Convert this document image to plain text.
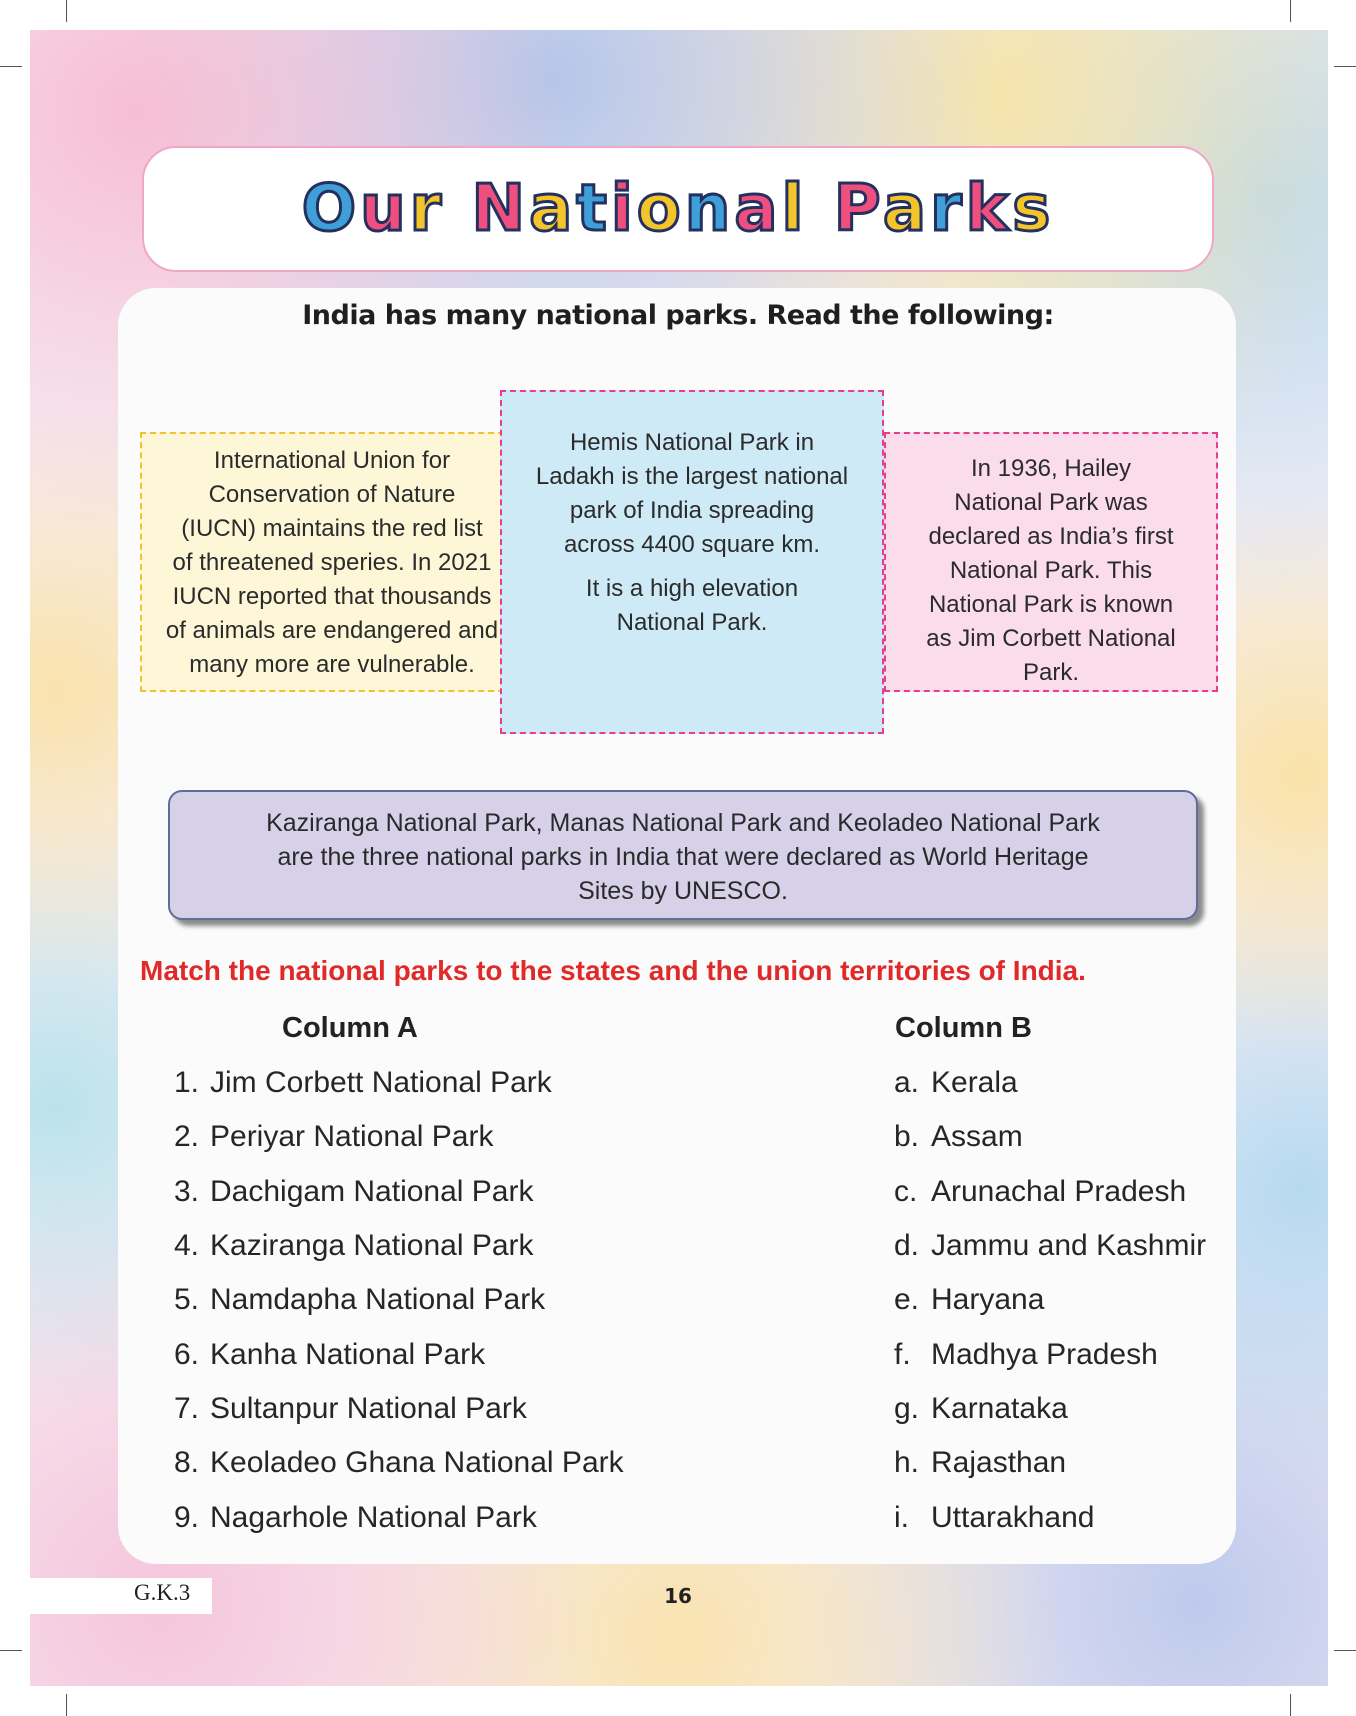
Our National Parks
India has many national parks. Read the following:

International Union for
Conservation of Nature
(IUCN) maintains the red list
of threatened speries. In 2021
IUCN reported that thousands
of animals are endangered and
many more are vulnerable.

Hemis National Park in
Ladakh is the largest national
park of India spreading
across 4400 square km.

It is a high elevation
National Park.

In 1936, Hailey
National Park was
declared as India’s first
National Park. This
National Park is known
as Jim Corbett National
Park.

Kaziranga National Park, Manas National Park and Keoladeo National Park
are the three national parks in India that were declared as World Heritage
Sites by UNESCO.
Match the national parks to the states and the union territories of India.
Column A	Column B
1. Jim Corbett National Park
2. Periyar National Park
3. Dachigam National Park
4. Kaziranga National Park
5. Namdapha National Park
6. Kanha National Park
7. Sultanpur National Park
8. Keoladeo Ghana National Park
9. Nagarhole National Park
a. Kerala
b. Assam
c. Arunachal Pradesh
d. Jammu and Kashmir
e. Haryana
f. Madhya Pradesh
g. Karnataka
h. Rajasthan
i. Uttarakhand
G.K.3	16
